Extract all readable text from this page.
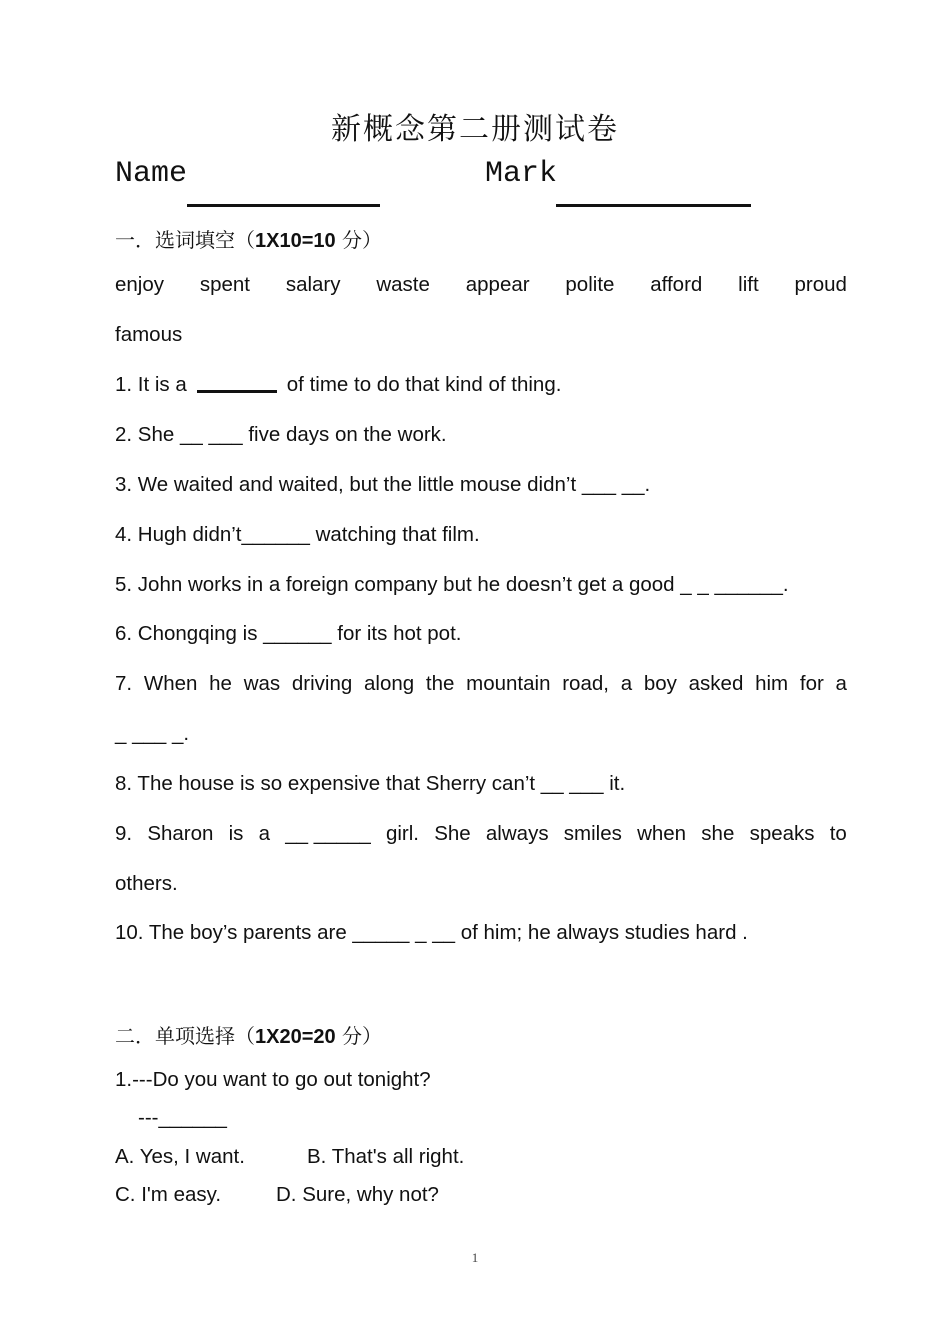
新概念第二册测试卷
Name	Mark
一．选词填空（1X10=10 分）
enjoy spent salary waste appear polite afford lift proud
famous
1. It is a	of time to do that kind of thing.
2. She __ ___ five days on the work.
3. We waited and waited, but the little mouse didn’t ___ __.
4. Hugh didn’t______ watching that film.
5. John works in a foreign company but he doesn’t get a good _ _ ______.
6. Chongqing is ______ for its hot pot.
7. When he was driving along the mountain road, a boy asked him for a
_ ___ _.
8. The house is so expensive that Sherry can’t __ ___ it.
9. Sharon is a __ _____ girl. She always smiles when she speaks to
others.
10. The boy’s parents are _____ _ __ of him; he always studies hard .
二．单项选择（1X20=20 分）
1.---Do you want to go out tonight?
---______
A. Yes, I want.	B. That's all right.
C. I'm easy.	D. Sure, why not?
1
